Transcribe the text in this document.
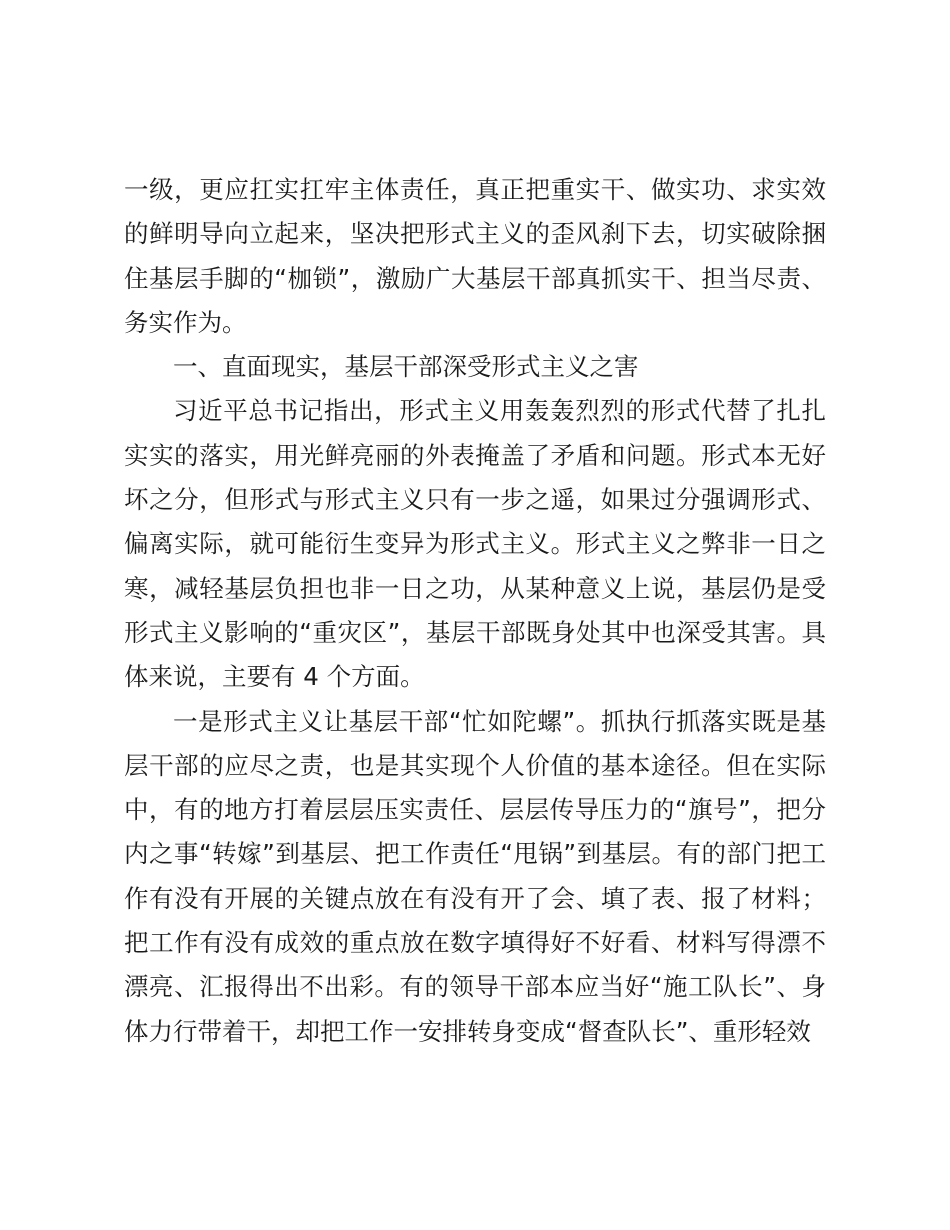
一级，更应扛实扛牢主体责任，真正把重实干、做实功、求实效的鲜明导向立起来，坚决把形式主义的歪风刹下去，切实破除捆住基层手脚的“枷锁”，激励广大基层干部真抓实干、担当尽责、务实作为。

一、直面现实，基层干部深受形式主义之害

习近平总书记指出，形式主义用轰轰烈烈的形式代替了扎扎实实的落实，用光鲜亮丽的外表掩盖了矛盾和问题。形式本无好坏之分，但形式与形式主义只有一步之遥，如果过分强调形式、偏离实际，就可能衍生变异为形式主义。形式主义之弊非一日之寒，减轻基层负担也非一日之功，从某种意义上说，基层仍是受形式主义影响的“重灾区”，基层干部既身处其中也深受其害。具体来说，主要有 4 个方面。

一是形式主义让基层干部“忙如陀螺”。抓执行抓落实既是基层干部的应尽之责，也是其实现个人价值的基本途径。但在实际中，有的地方打着层层压实责任、层层传导压力的“旗号”，把分内之事“转嫁”到基层、把工作责任“甩锅”到基层。有的部门把工作有没有开展的关键点放在有没有开了会、填了表、报了材料；把工作有没有成效的重点放在数字填得好不好看、材料写得漂不漂亮、汇报得出不出彩。有的领导干部本应当好“施工队长”、身体力行带着干，却把工作一安排转身变成“督查队长”、重形轻效
